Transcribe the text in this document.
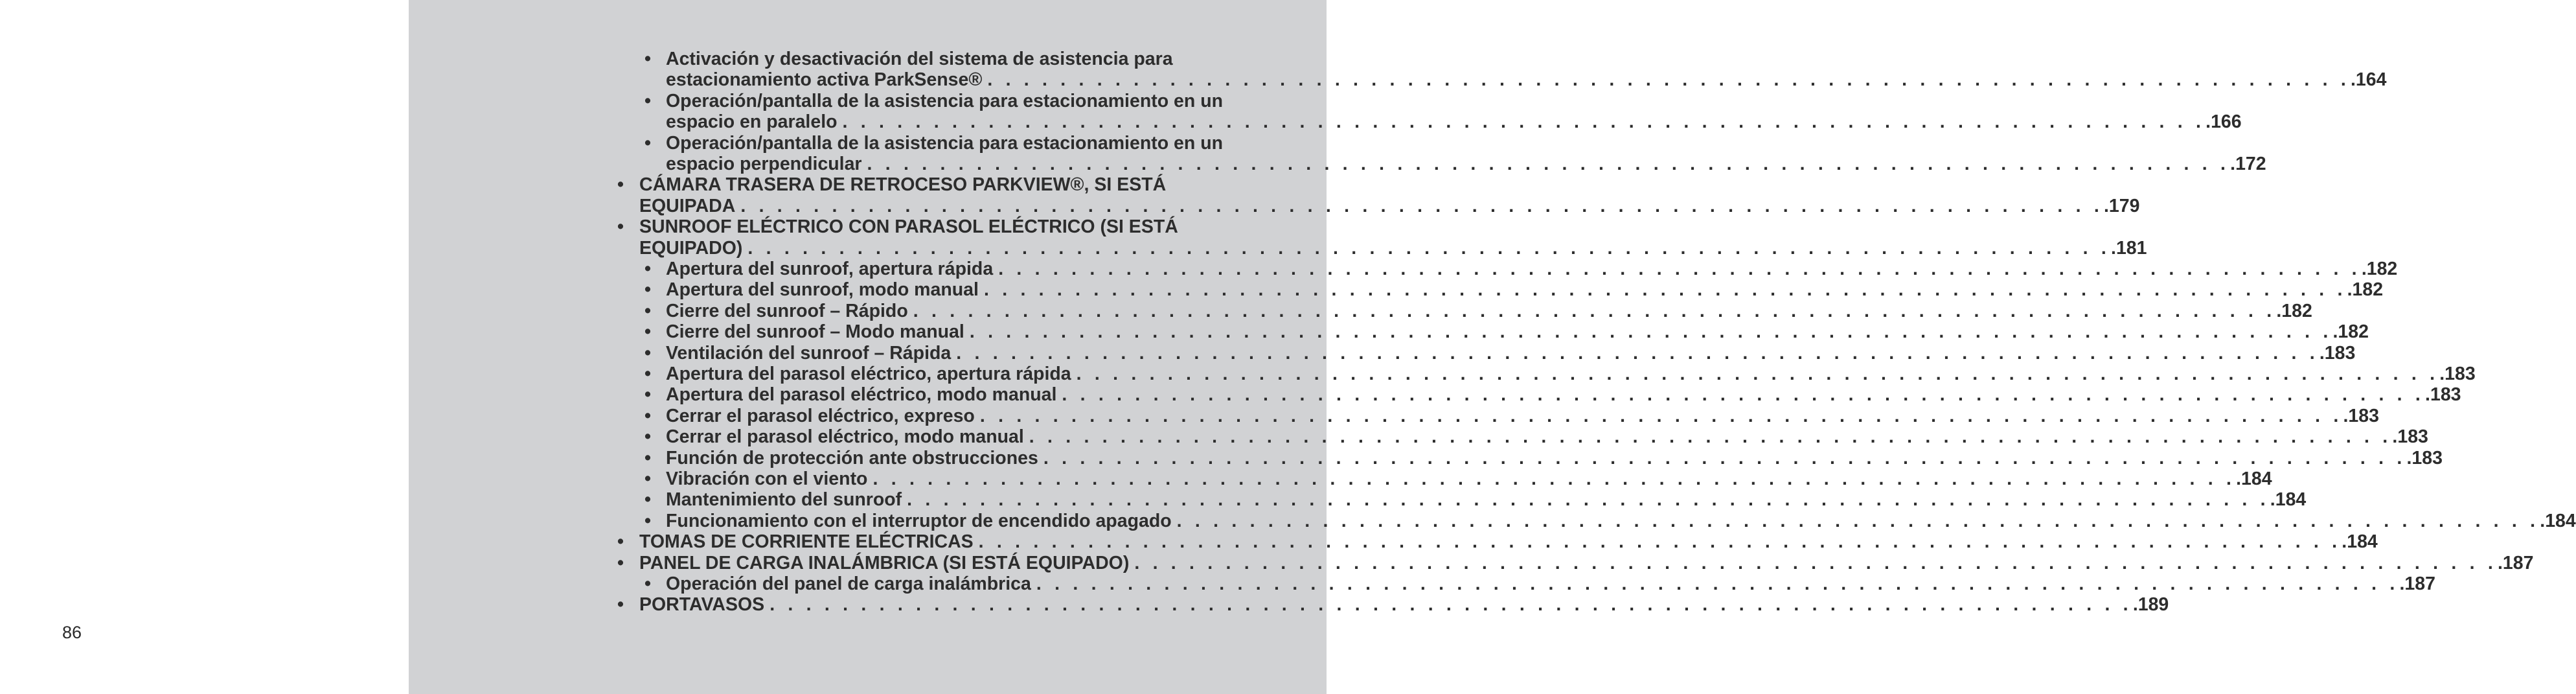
86
• Activación y desactivación del sistema de asistencia para
estacionamiento activa ParkSense® . . . . . . . . . . . . . . . . . . . . . . . . . . . . . . . . . . . . . . . . . . . . . . . . . . . . . . . . . . . . . . . . . . . . . . . . . . . .164
• Operación/pantalla de la asistencia para estacionamiento en un
espacio en paralelo . . . . . . . . . . . . . . . . . . . . . . . . . . . . . . . . . . . . . . . . . . . . . . . . . . . . . . . . . . . . . . . . . . . . . . . . . . . .166
• Operación/pantalla de la asistencia para estacionamiento en un
espacio perpendicular . . . . . . . . . . . . . . . . . . . . . . . . . . . . . . . . . . . . . . . . . . . . . . . . . . . . . . . . . . . . . . . . . . . . . . . . . . . .172
• CÁMARA TRASERA DE RETROCESO PARKVIEW®, SI ESTÁ
EQUIPADA . . . . . . . . . . . . . . . . . . . . . . . . . . . . . . . . . . . . . . . . . . . . . . . . . . . . . . . . . . . . . . . . . . . . . . . . . . . .179
• SUNROOF ELÉCTRICO CON PARASOL ELÉCTRICO (SI ESTÁ
EQUIPADO) . . . . . . . . . . . . . . . . . . . . . . . . . . . . . . . . . . . . . . . . . . . . . . . . . . . . . . . . . . . . . . . . . . . . . . . . . . . .181
• Apertura del sunroof, apertura rápida . . . . . . . . . . . . . . . . . . . . . . . . . . . . . . . . . . . . . . . . . . . . . . . . . . . . . . . . . . . . . . . . . . . . . . . . . . . .182
• Apertura del sunroof, modo manual . . . . . . . . . . . . . . . . . . . . . . . . . . . . . . . . . . . . . . . . . . . . . . . . . . . . . . . . . . . . . . . . . . . . . . . . . . . .182
• Cierre del sunroof – Rápido . . . . . . . . . . . . . . . . . . . . . . . . . . . . . . . . . . . . . . . . . . . . . . . . . . . . . . . . . . . . . . . . . . . . . . . . . . . .182
• Cierre del sunroof – Modo manual . . . . . . . . . . . . . . . . . . . . . . . . . . . . . . . . . . . . . . . . . . . . . . . . . . . . . . . . . . . . . . . . . . . . . . . . . . . .182
• Ventilación del sunroof – Rápida . . . . . . . . . . . . . . . . . . . . . . . . . . . . . . . . . . . . . . . . . . . . . . . . . . . . . . . . . . . . . . . . . . . . . . . . . . . .183
• Apertura del parasol eléctrico, apertura rápida . . . . . . . . . . . . . . . . . . . . . . . . . . . . . . . . . . . . . . . . . . . . . . . . . . . . . . . . . . . . . . . . . . . . . . . . . . . .183
• Apertura del parasol eléctrico, modo manual . . . . . . . . . . . . . . . . . . . . . . . . . . . . . . . . . . . . . . . . . . . . . . . . . . . . . . . . . . . . . . . . . . . . . . . . . . . .183
• Cerrar el parasol eléctrico, expreso . . . . . . . . . . . . . . . . . . . . . . . . . . . . . . . . . . . . . . . . . . . . . . . . . . . . . . . . . . . . . . . . . . . . . . . . . . . .183
• Cerrar el parasol eléctrico, modo manual . . . . . . . . . . . . . . . . . . . . . . . . . . . . . . . . . . . . . . . . . . . . . . . . . . . . . . . . . . . . . . . . . . . . . . . . . . . .183
• Función de protección ante obstrucciones . . . . . . . . . . . . . . . . . . . . . . . . . . . . . . . . . . . . . . . . . . . . . . . . . . . . . . . . . . . . . . . . . . . . . . . . . . . .183
• Vibración con el viento . . . . . . . . . . . . . . . . . . . . . . . . . . . . . . . . . . . . . . . . . . . . . . . . . . . . . . . . . . . . . . . . . . . . . . . . . . . .184
• Mantenimiento del sunroof . . . . . . . . . . . . . . . . . . . . . . . . . . . . . . . . . . . . . . . . . . . . . . . . . . . . . . . . . . . . . . . . . . . . . . . . . . . .184
• Funcionamiento con el interruptor de encendido apagado . . . . . . . . . . . . . . . . . . . . . . . . . . . . . . . . . . . . . . . . . . . . . . . . . . . . . . . . . . . . . . . . . . . . . . . . . . . .184
• TOMAS DE CORRIENTE ELÉCTRICAS . . . . . . . . . . . . . . . . . . . . . . . . . . . . . . . . . . . . . . . . . . . . . . . . . . . . . . . . . . . . . . . . . . . . . . . . . . . .184
• PANEL DE CARGA INALÁMBRICA (SI ESTÁ EQUIPADO) . . . . . . . . . . . . . . . . . . . . . . . . . . . . . . . . . . . . . . . . . . . . . . . . . . . . . . . . . . . . . . . . . . . . . . . . . . . .187
• Operación del panel de carga inalámbrica . . . . . . . . . . . . . . . . . . . . . . . . . . . . . . . . . . . . . . . . . . . . . . . . . . . . . . . . . . . . . . . . . . . . . . . . . . . .187
• PORTAVASOS . . . . . . . . . . . . . . . . . . . . . . . . . . . . . . . . . . . . . . . . . . . . . . . . . . . . . . . . . . . . . . . . . . . . . . . . . . . .189
